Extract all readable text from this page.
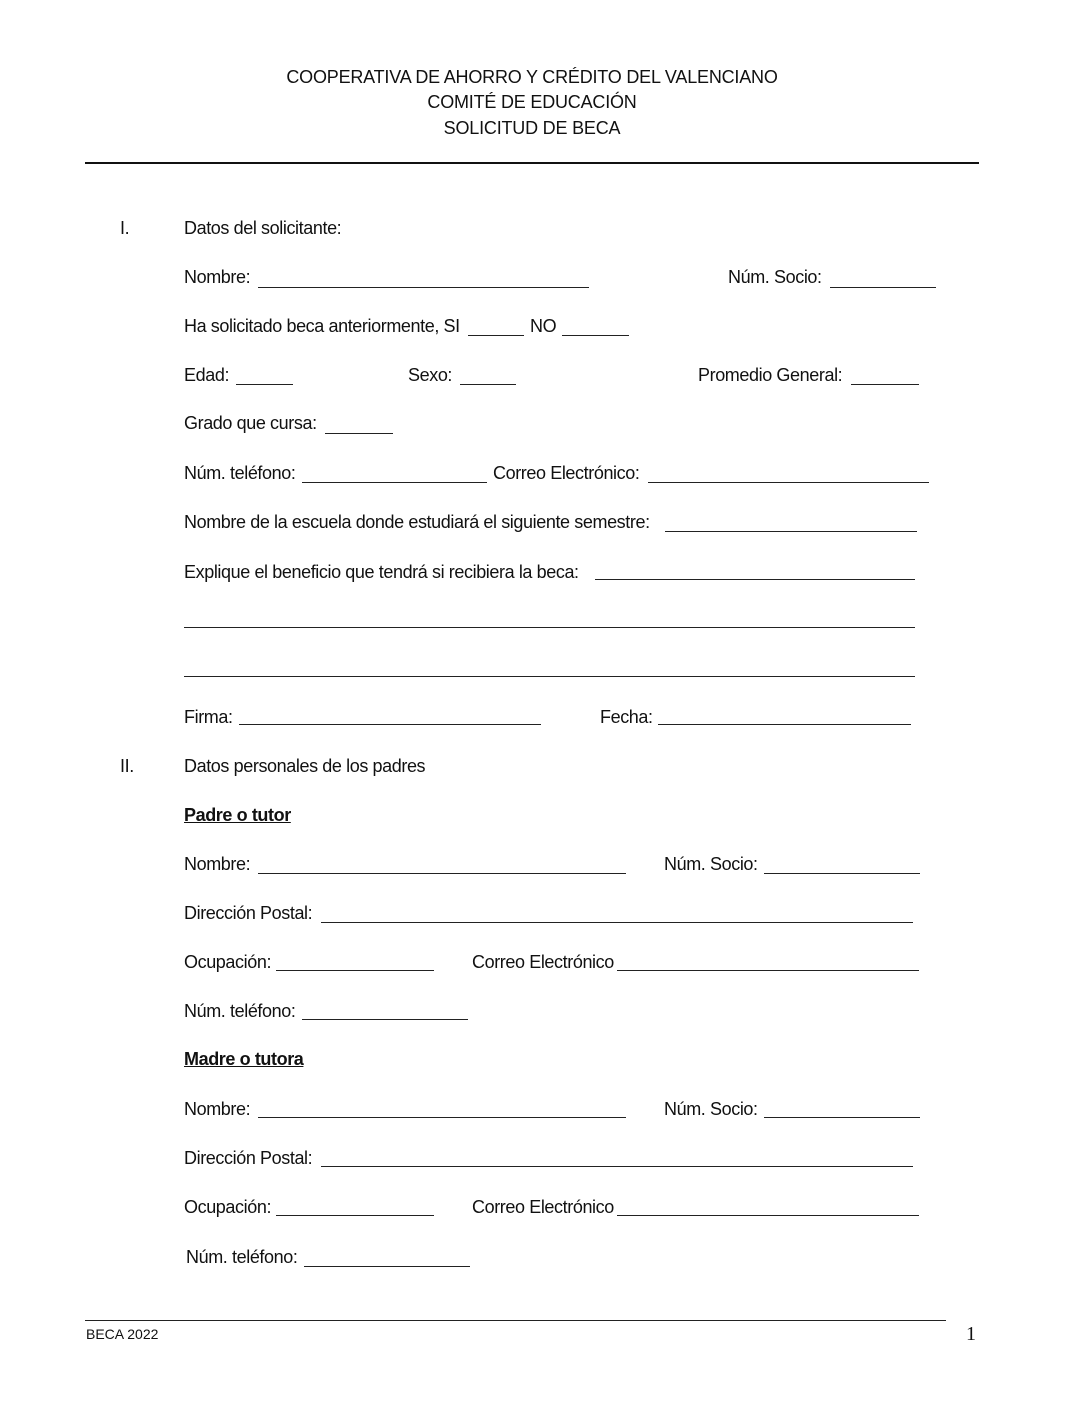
COOPERATIVA DE AHORRO Y CRÉDITO DEL VALENCIANO
COMITÉ DE EDUCACIÓN
SOLICITUD DE BECA
I.	Datos del solicitante:
Nombre:	Núm. Socio:
Ha solicitado beca anteriormente, SI	NO
Edad:	Sexo:	Promedio General:
Grado que cursa:
Núm. teléfono:	Correo Electrónico:
Nombre de la escuela donde estudiará el siguiente semestre:
Explique el beneficio que tendrá si recibiera la beca:
Firma:	Fecha:
II.	Datos personales de los padres
Padre o tutor
Nombre:	Núm. Socio:
Dirección Postal:
Ocupación:	Correo Electrónico
Núm. teléfono:
Madre o tutora
Nombre:	Núm. Socio:
Dirección Postal:
Ocupación:	Correo Electrónico
Núm. teléfono:
BECA 2022	1
